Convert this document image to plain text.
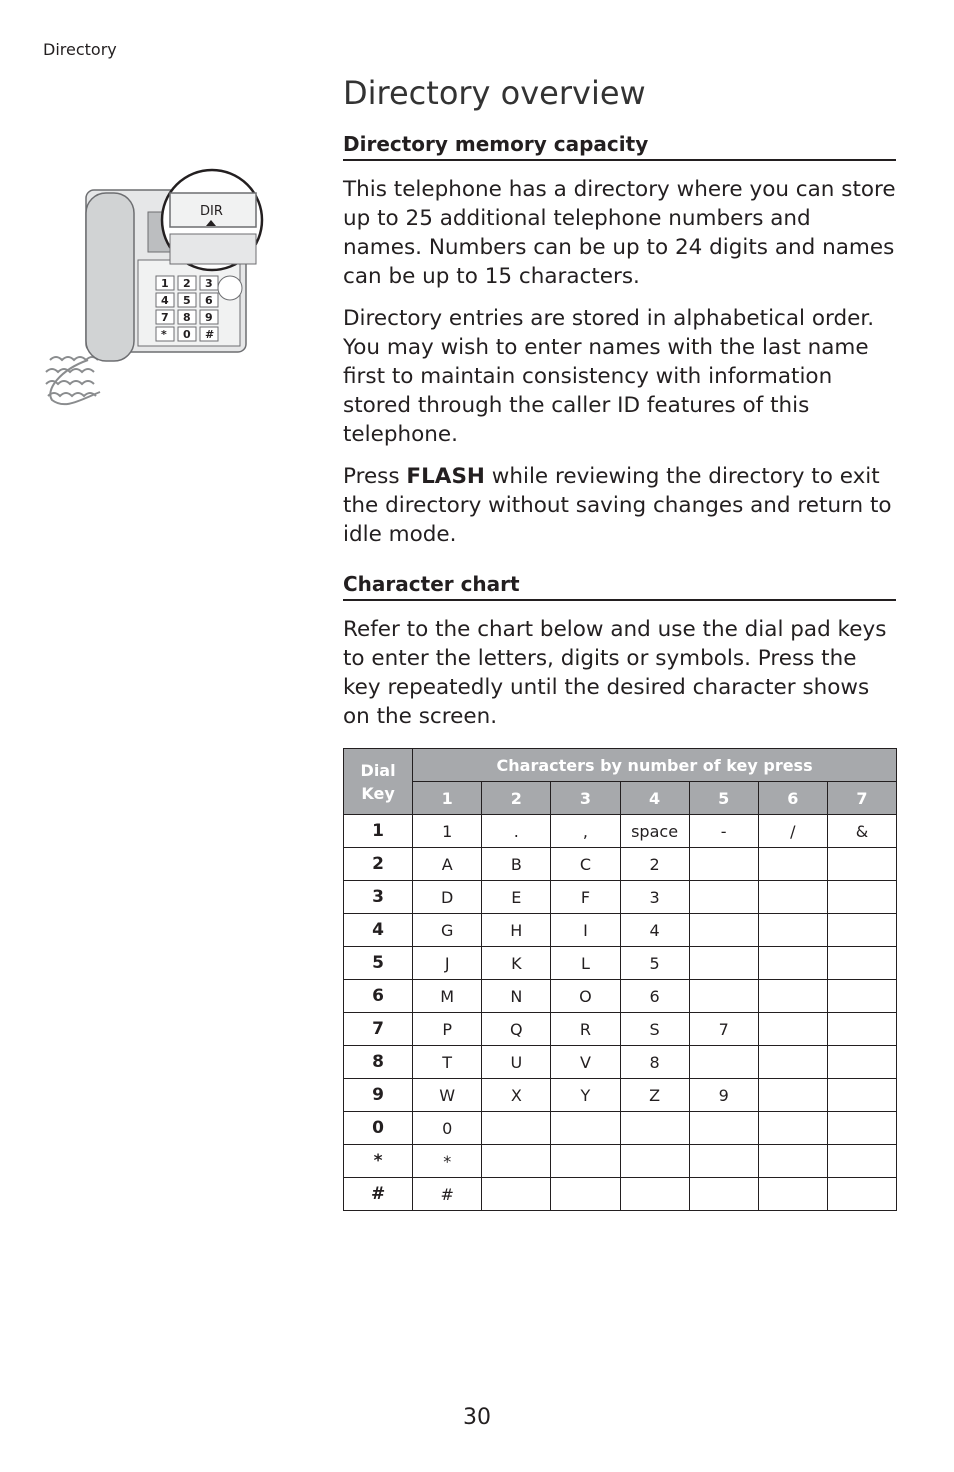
Directory
Directory overview
1 2 3
4 5 6
7 8 9
* 0 #
DIR
Directory memory capacity

This telephone has a directory where you can store up to 25 additional telephone numbers and names. Numbers can be up to 24 digits and names can be up to 15 characters.

Directory entries are stored in alphabetical order. You may wish to enter names with the last name first to maintain consistency with information stored through the caller ID features of this telephone.

Press FLASH while reviewing the directory to exit the directory without saving changes and return to idle mode.

Character chart

Refer to the chart below and use the dial pad keys to enter the letters, digits or symbols. Press the key repeatedly until the desired character shows on the screen.

Dial Key	Characters by number of key press						
	1	2	3	4	5	6	7
1	1	.	,	space	-	/	&
2	A	B	C	2			
3	D	E	F	3			
4	G	H	I	4			
5	J	K	L	5			
6	M	N	O	6			
7	P	Q	R	S	7		
8	T	U	V	8			
9	W	X	Y	Z	9		
0	0						
*	*						
#	#						
30
